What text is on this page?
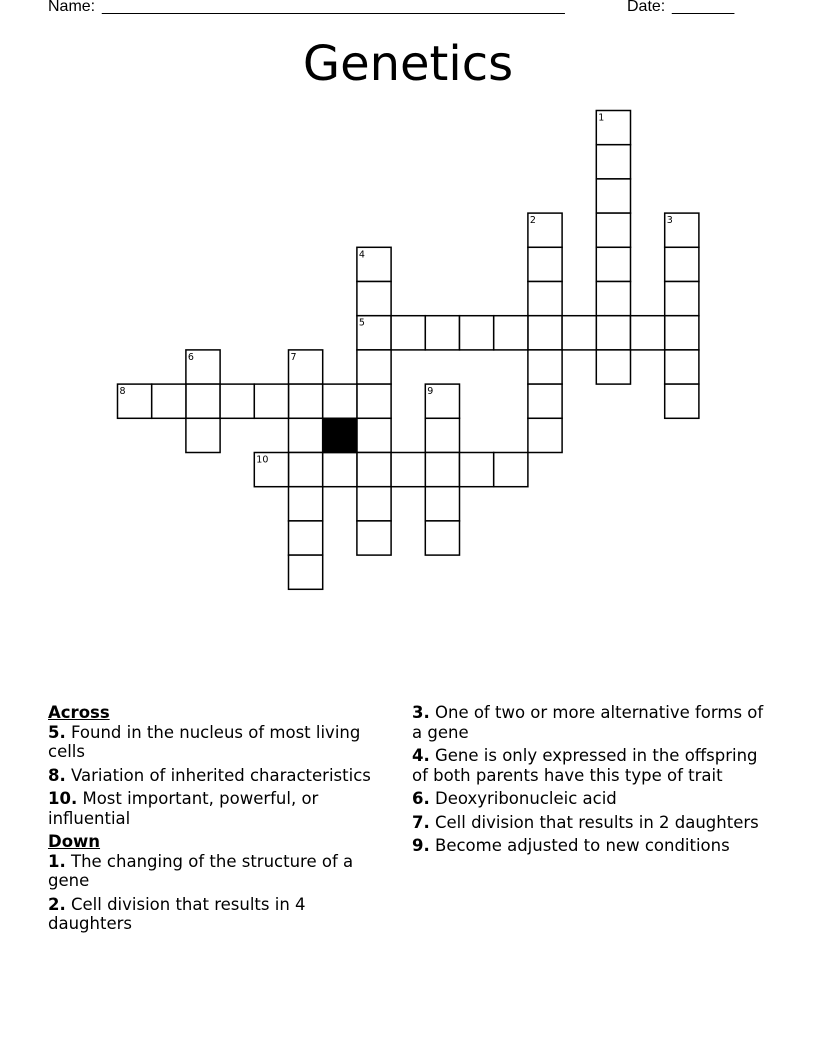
Name: ____________________________________________________	Date: _______
Genetics
1
2	3
4
5
6	7
8	9
10

Across

5. Found in the nucleus of most living cells

8. Variation of inherited characteristics

10. Most important, powerful, or influential

Down

1. The changing of the structure of a gene

2. Cell division that results in 4 daughters

3. One of two or more alternative forms of a gene

4. Gene is only expressed in the offspring of both parents have this type of trait

6. Deoxyribonucleic acid

7. Cell division that results in 2 daughters

9. Become adjusted to new conditions
